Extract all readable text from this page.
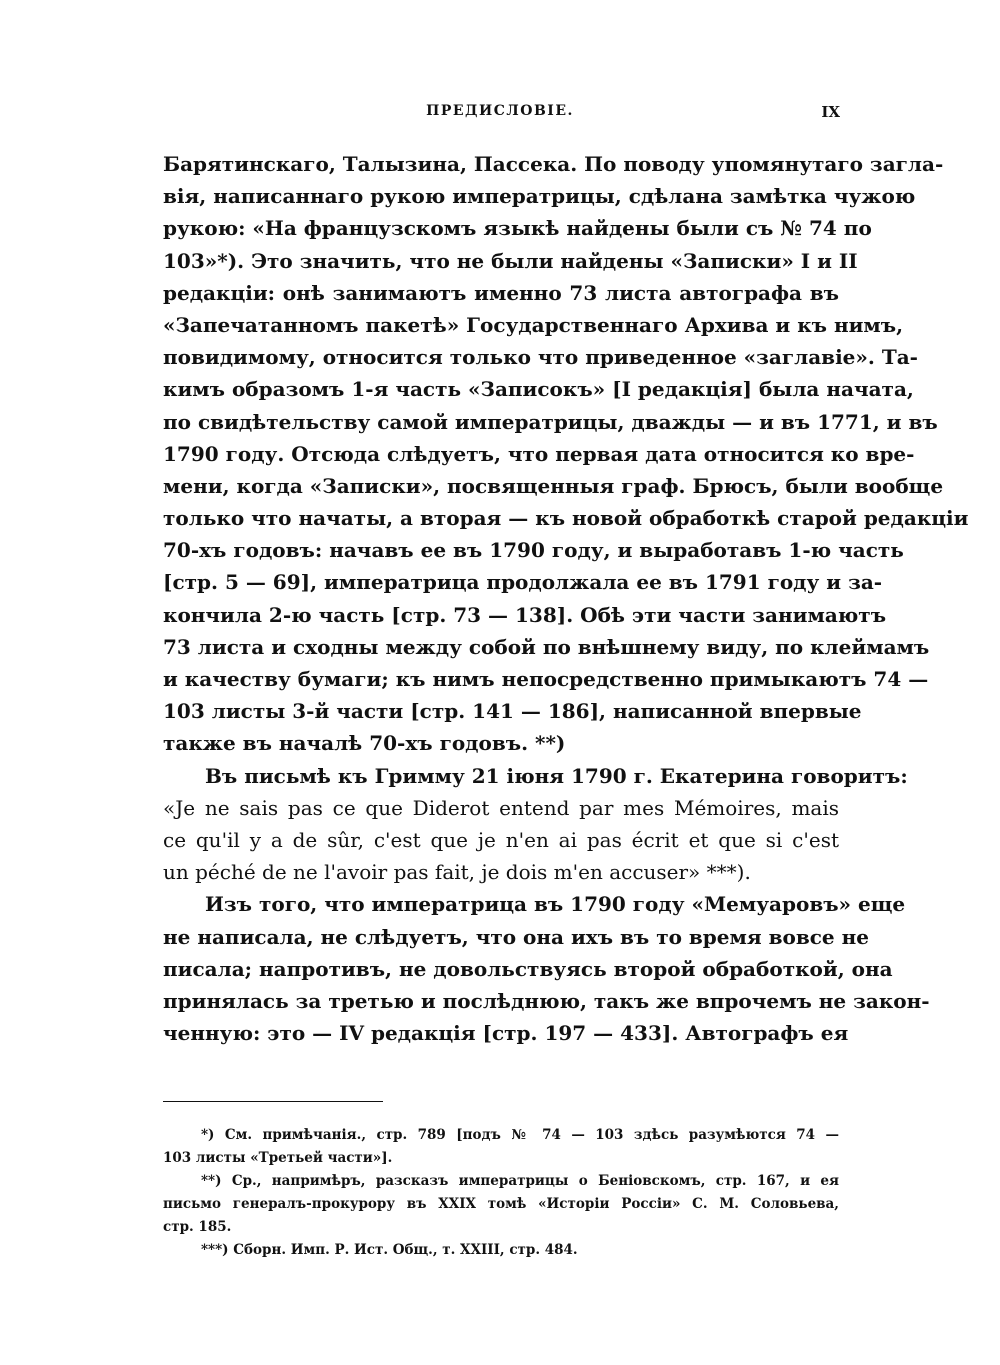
ПРЕДИСЛОВІЕ.	IX
Барятинскаго, Талызина, Пассека. По поводу упомянутаго загла-
вія, написаннаго рукою императрицы, сдѣлана замѣтка чужою
рукою: «На французскомъ языкѣ найдены были съ № 74 по
103»*). Это значить, что не были найдены «Записки» I и II
редакціи: онѣ занимаютъ именно 73 листа автографа въ
«Запечатанномъ пакетѣ» Государственнаго Архива и къ нимъ,
повидимому, относится только что приведенное «заглавіе». Та-
кимъ образомъ 1-я часть «Записокъ» [I редакція] была начата,
по свидѣтельству самой императрицы, дважды — и въ 1771, и въ
1790 году. Отсюда слѣдуетъ, что первая дата относится ко вре-
мени, когда «Записки», посвященныя граф. Брюсъ, были вообще
только что начаты, а вторая — къ новой обработкѣ старой редакціи
70-хъ годовъ: начавъ ее въ 1790 году, и выработавъ 1-ю часть
[стр. 5 — 69], императрица продолжала ее въ 1791 году и за-
кончила 2-ю часть [стр. 73 — 138]. Обѣ эти части занимаютъ
73 листа и сходны между собой по внѣшнему виду, по клеймамъ
и качеству бумаги; къ нимъ непосредственно примыкаютъ 74 —
103 листы 3-й части [стр. 141 — 186], написанной впервые
также въ началѣ 70-хъ годовъ. **)
Въ письмѣ къ Гримму 21 іюня 1790 г. Екатерина говоритъ:
«Je ne sais pas ce que Diderot entend par mes Mémoires, mais
ce qu'il y a de sûr, c'est que je n'en ai pas écrit et que si c'est
un péché de ne l'avoir pas fait, je dois m'en accuser» ***).
Изъ того, что императрица въ 1790 году «Мемуаровъ» еще
не написала, не слѣдуетъ, что она ихъ въ то время вовсе не
писала; напротивъ, не довольствуясь второй обработкой, она
принялась за третью и послѣднюю, такъ же впрочемъ не закон-
ченную: это — IV редакція [стр. 197 — 433]. Автографъ ея
*) См. примѣчанія., стр. 789 [подъ № 74 — 103 здѣсь разумѣются 74 —
103 листы «Третьей части»].
**) Ср., напримѣръ, разсказъ императрицы о Беніовскомъ, стр. 167, и ея
письмо генералъ-прокурору въ XXIX томѣ «Исторіи Россіи» С. М. Соловьева,
стр. 185.
***) Сборн. Имп. Р. Ист. Общ., т. XXIII, стр. 484.
